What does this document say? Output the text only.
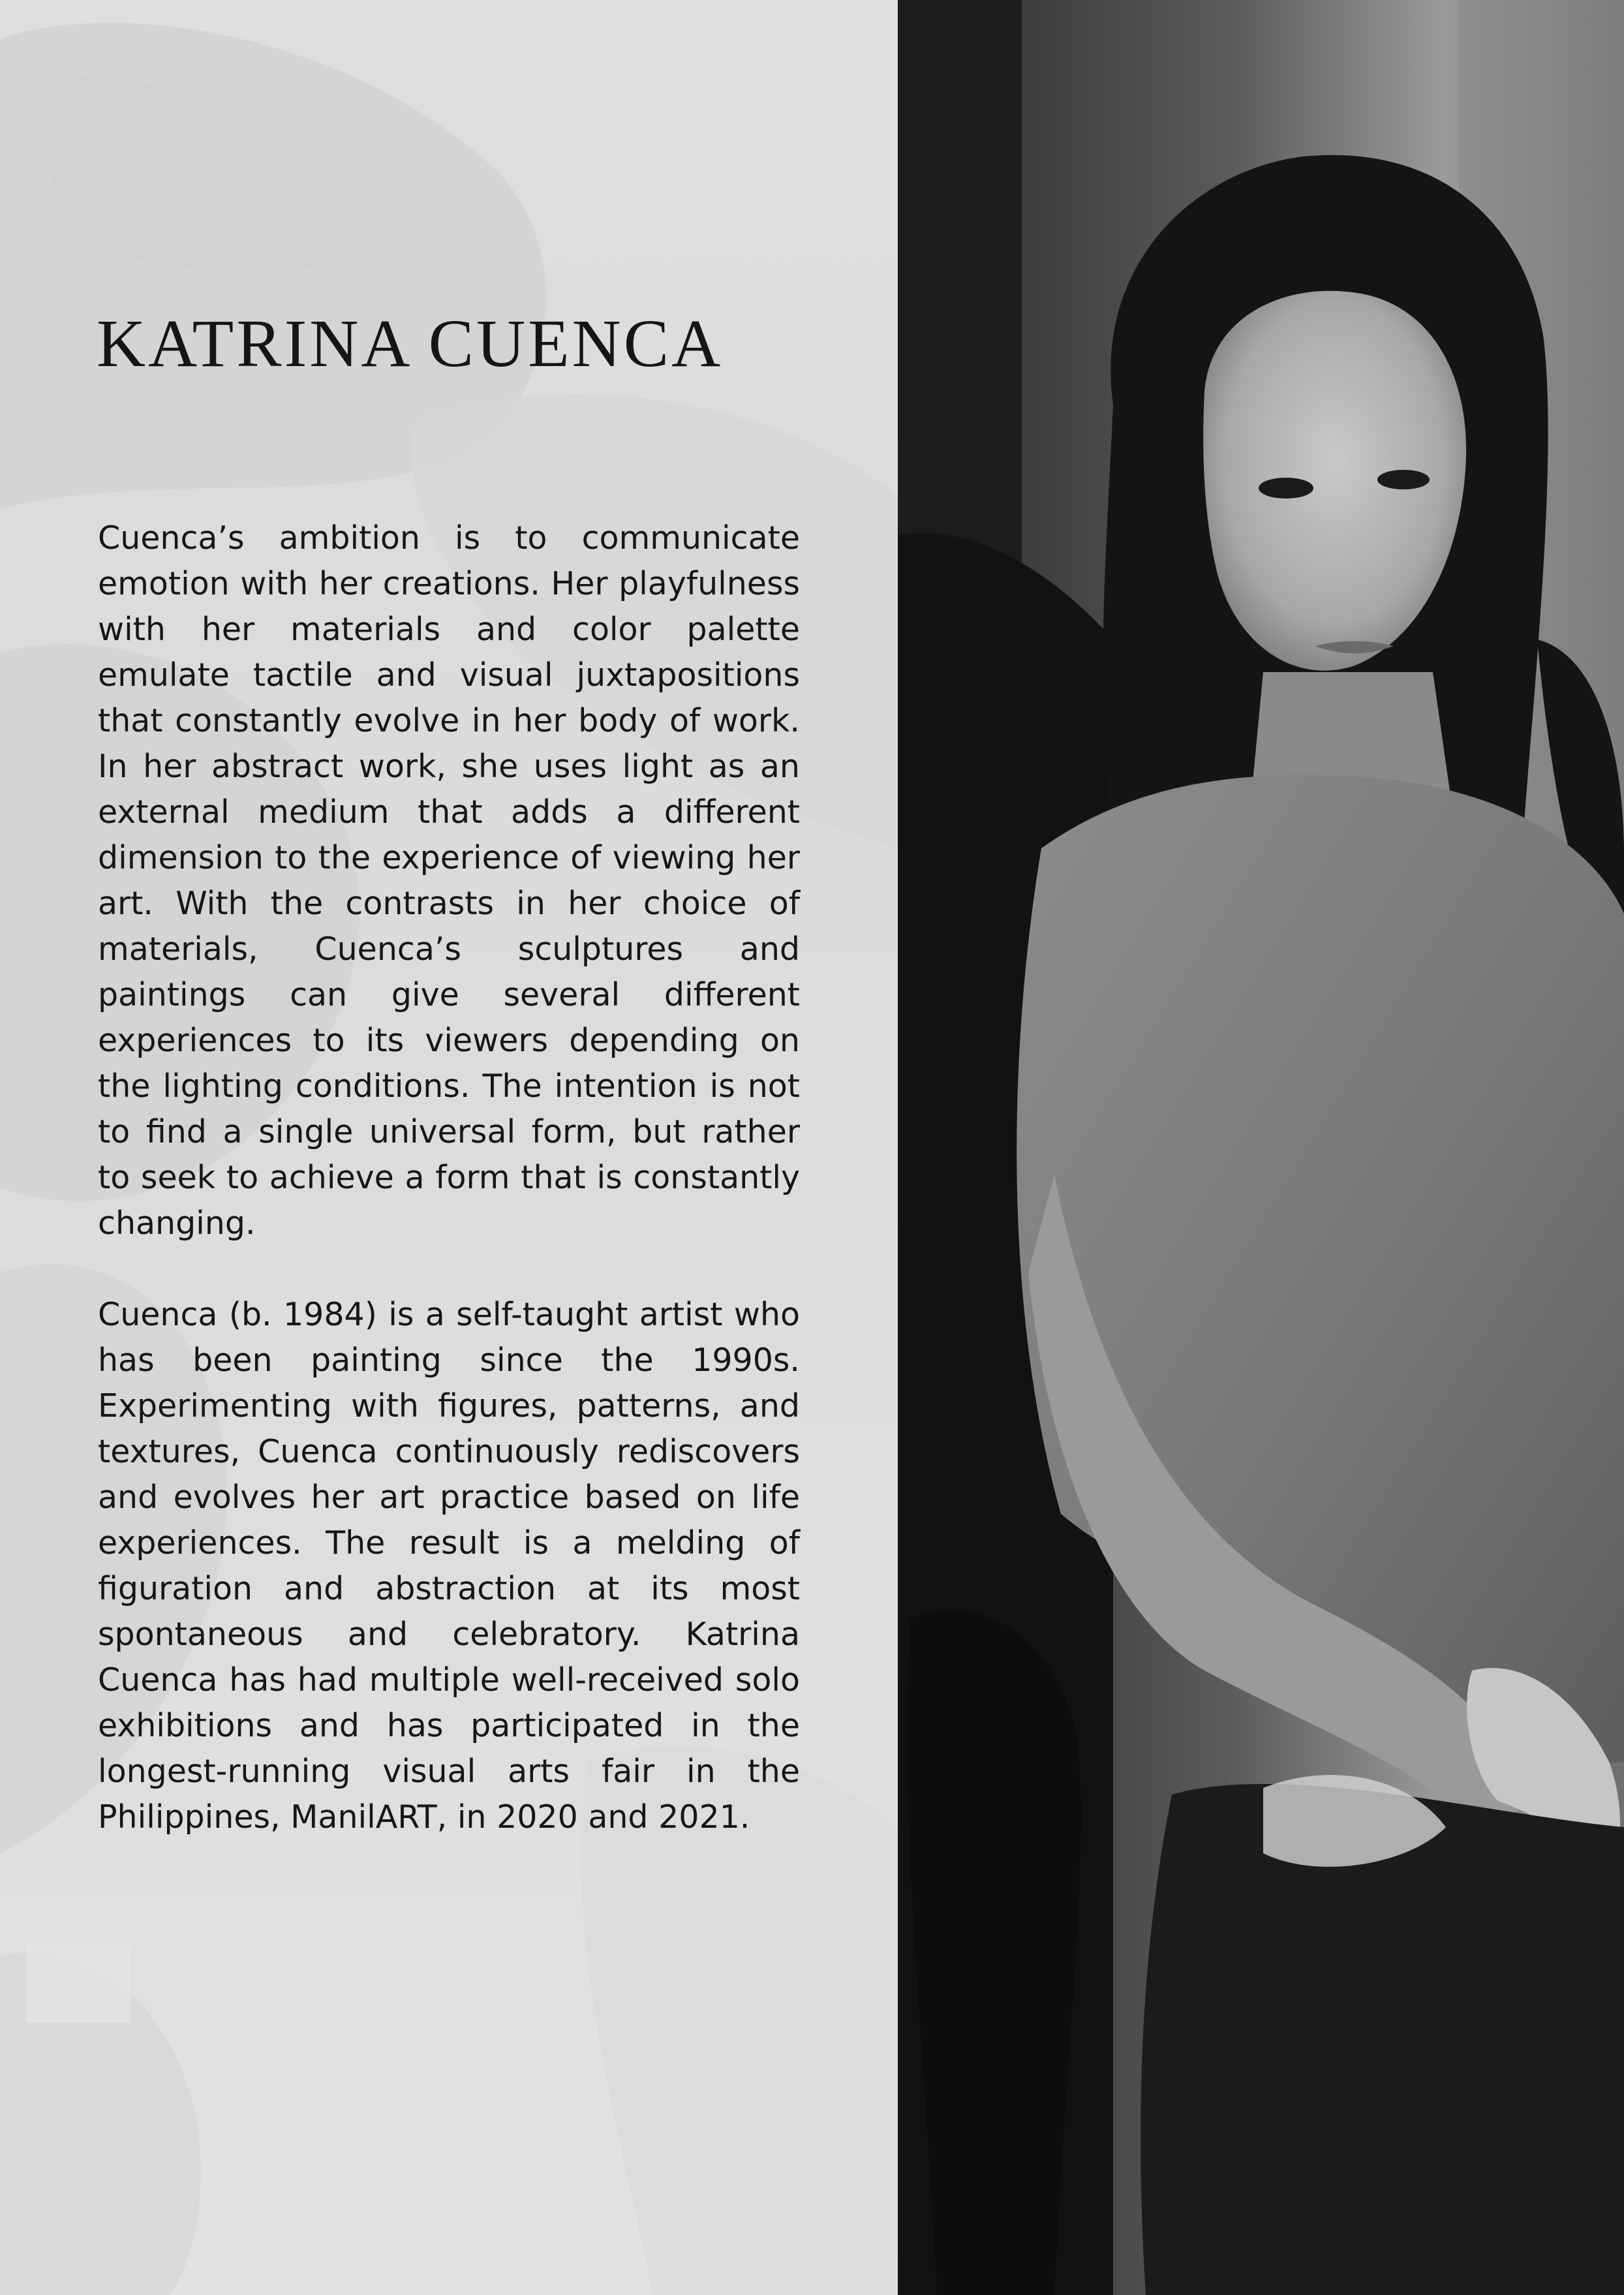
KATRINA CUENCA

Cuenca’s ambition is to communicate emotion with her creations. Her playfulness with her materials and color palette emulate tactile and visual juxtapositions that constantly evolve in her body of work. In her abstract work, she uses light as an external medium that adds a different dimension to the experience of viewing her art. With the contrasts in her choice of materials, Cuenca’s sculptures and paintings can give several different experiences to its viewers depending on the lighting conditions. The intention is not to find a single universal form, but rather to seek to achieve a form that is constantly changing.

Cuenca (b. 1984) is a self-taught artist who has been painting since the 1990s. Experimenting with figures, patterns, and textures, Cuenca continuously rediscovers and evolves her art practice based on life experiences. The result is a melding of figuration and abstraction at its most spontaneous and celebratory. Katrina Cuenca has had multiple well-received solo exhibitions and has participated in the longest-running visual arts fair in the Philippines, ManilART, in 2020 and 2021.
